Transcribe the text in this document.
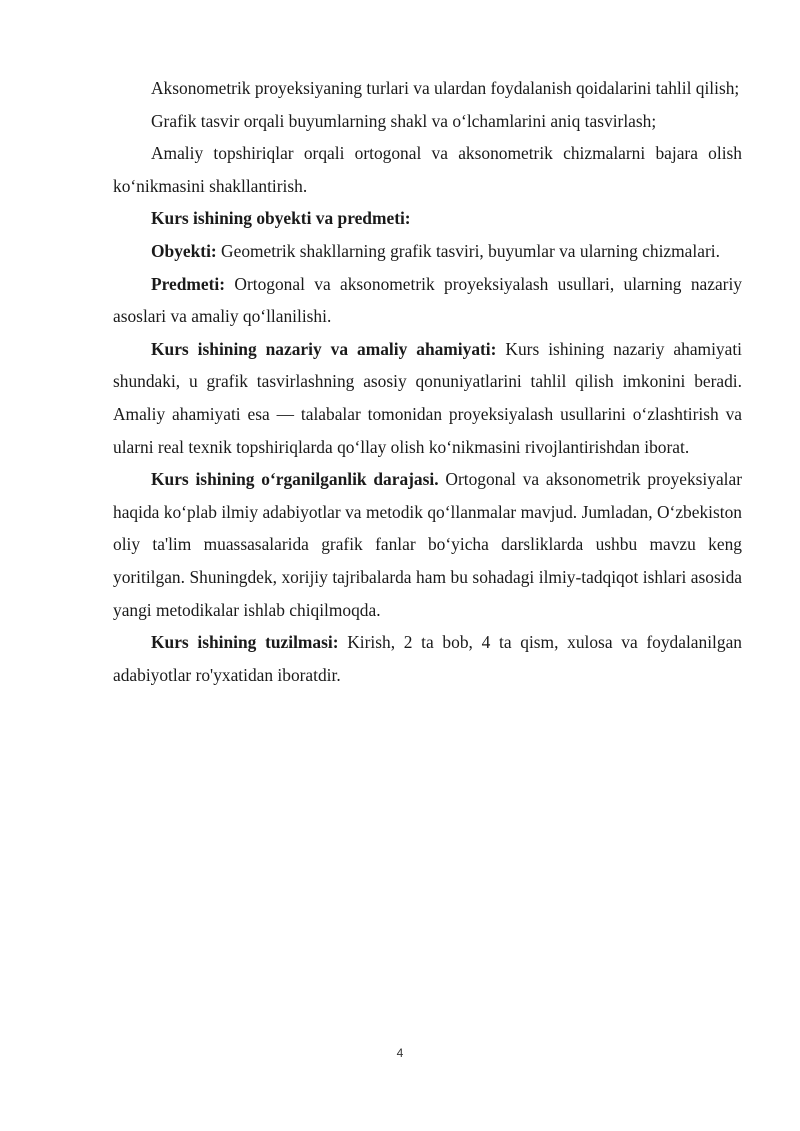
Aksonometrik proyeksiyaning turlari va ulardan foydalanish qoidalarini tahlil qilish;

Grafik tasvir orqali buyumlarning shakl va o‘lchamlarini aniq tasvirlash;

Amaliy topshiriqlar orqali ortogonal va aksonometrik chizmalarni bajara olish ko‘nikmasini shakllantirish.

Kurs ishining obyekti va predmeti:

Obyekti: Geometrik shakllarning grafik tasviri, buyumlar va ularning chizmalari.

Predmeti: Ortogonal va aksonometrik proyeksiyalash usullari, ularning nazariy asoslari va amaliy qo‘llanilishi.

Kurs ishining nazariy va amaliy ahamiyati: Kurs ishining nazariy ahamiyati shundaki, u grafik tasvirlashning asosiy qonuniyatlarini tahlil qilish imkonini beradi. Amaliy ahamiyati esa — talabalar tomonidan proyeksiyalash usullarini o‘zlashtirish va ularni real texnik topshiriqlarda qo‘llay olish ko‘nikmasini rivojlantirishdan iborat.

Kurs ishining o‘rganilganlik darajasi. Ortogonal va aksonometrik proyeksiyalar haqida ko‘plab ilmiy adabiyotlar va metodik qo‘llanmalar mavjud. Jumladan, O‘zbekiston oliy ta'lim muassasalarida grafik fanlar bo‘yicha darsliklarda ushbu mavzu keng yoritilgan. Shuningdek, xorijiy tajribalarda ham bu sohadagi ilmiy-tadqiqot ishlari asosida yangi metodikalar ishlab chiqilmoqda.

Kurs ishining tuzilmasi: Kirish, 2 ta bob, 4 ta qism, xulosa va foydalanilgan adabiyotlar ro'yxatidan iboratdir.

4
